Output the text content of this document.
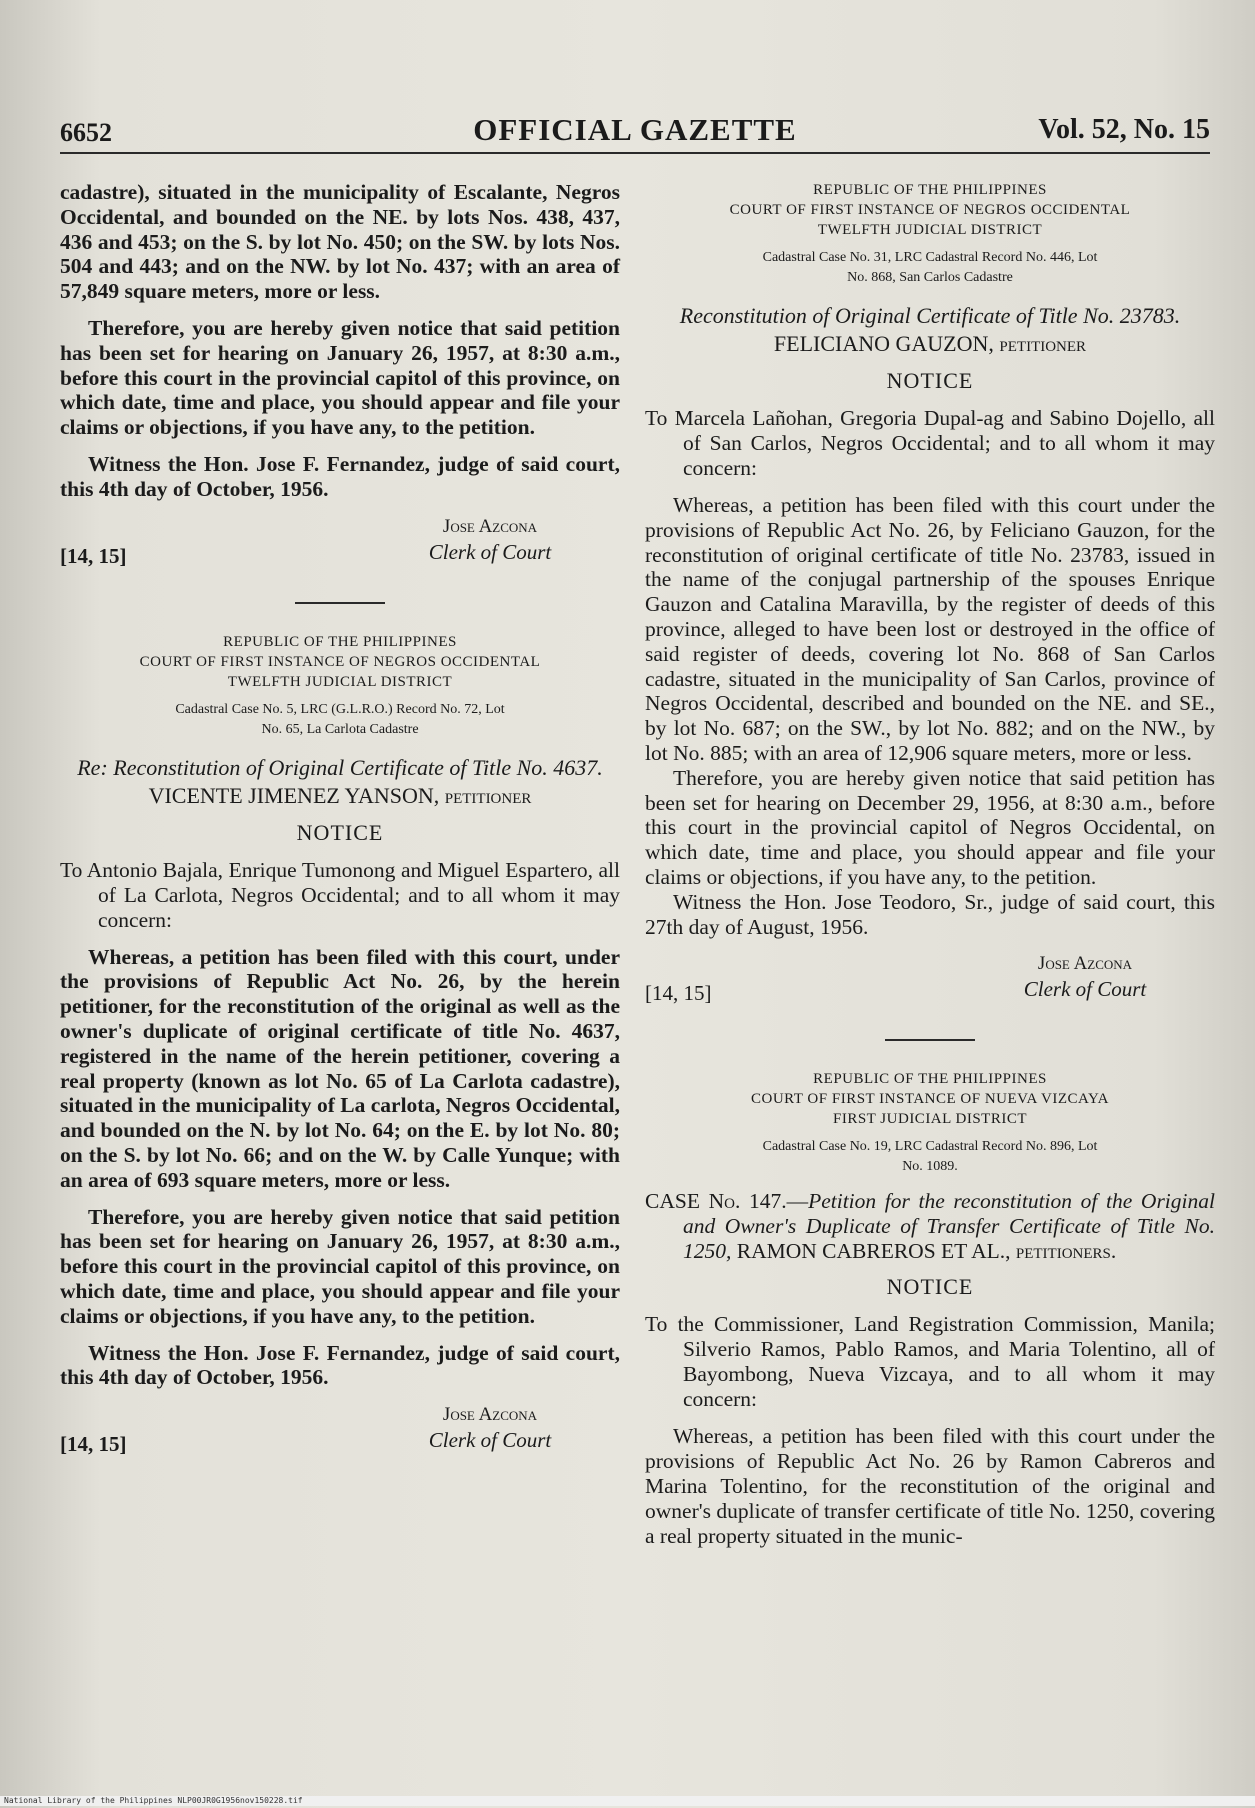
6652	OFFICIAL GAZETTE	Vol. 52, No. 15

cadastre), situated in the municipality of Escalante, Negros Occidental, and bounded on the NE. by lots Nos. 438, 437, 436 and 453; on the S. by lot No. 450; on the SW. by lots Nos. 504 and 443; and on the NW. by lot No. 437; with an area of 57,849 square meters, more or less.

Therefore, you are hereby given notice that said petition has been set for hearing on January 26, 1957, at 8:30 a.m., before this court in the provincial capitol of this province, on which date, time and place, you should appear and file your claims or objections, if you have any, to the petition.

Witness the Hon. Jose F. Fernandez, judge of said court, this 4th day of October, 1956.

[14, 15]
Jose Azcona
Clerk of Court
REPUBLIC OF THE PHILIPPINES
COURT OF FIRST INSTANCE OF NEGROS OCCIDENTAL
TWELFTH JUDICIAL DISTRICT
Cadastral Case No. 5, LRC (G.L.R.O.) Record No. 72, Lot
No. 65, La Carlota Cadastre
Re: Reconstitution of Original Certificate of Title No. 4637. VICENTE JIMENEZ YANSON, petitioner
NOTICE

To Antonio Bajala, Enrique Tumonong and Miguel Espartero, all of La Carlota, Negros Occidental; and to all whom it may concern:

Whereas, a petition has been filed with this court, under the provisions of Republic Act No. 26, by the herein petitioner, for the reconstitution of the original as well as the owner's duplicate of original certificate of title No. 4637, registered in the name of the herein petitioner, covering a real property (known as lot No. 65 of La Carlota cadastre), situated in the municipality of La carlota, Negros Occidental, and bounded on the N. by lot No. 64; on the E. by lot No. 80; on the S. by lot No. 66; and on the W. by Calle Yunque; with an area of 693 square meters, more or less.

Therefore, you are hereby given notice that said petition has been set for hearing on January 26, 1957, at 8:30 a.m., before this court in the provincial capitol of this province, on which date, time and place, you should appear and file your claims or objections, if you have any, to the petition.

Witness the Hon. Jose F. Fernandez, judge of said court, this 4th day of October, 1956.

[14, 15]
Jose Azcona
Clerk of Court
REPUBLIC OF THE PHILIPPINES
COURT OF FIRST INSTANCE OF NEGROS OCCIDENTAL
TWELFTH JUDICIAL DISTRICT
Cadastral Case No. 31, LRC Cadastral Record No. 446, Lot
No. 868, San Carlos Cadastre
Reconstitution of Original Certificate of Title No. 23783. FELICIANO GAUZON, petitioner
NOTICE

To Marcela Lañohan, Gregoria Dupal-ag and Sabino Dojello, all of San Carlos, Negros Occidental; and to all whom it may concern:

Whereas, a petition has been filed with this court under the provisions of Republic Act No. 26, by Feliciano Gauzon, for the reconstitution of original certificate of title No. 23783, issued in the name of the conjugal partnership of the spouses Enrique Gauzon and Catalina Maravilla, by the register of deeds of this province, alleged to have been lost or destroyed in the office of said register of deeds, covering lot No. 868 of San Carlos cadastre, situated in the municipality of San Carlos, province of Negros Occidental, described and bounded on the NE. and SE., by lot No. 687; on the SW., by lot No. 882; and on the NW., by lot No. 885; with an area of 12,906 square meters, more or less.

Therefore, you are hereby given notice that said petition has been set for hearing on December 29, 1956, at 8:30 a.m., before this court in the provincial capitol of Negros Occidental, on which date, time and place, you should appear and file your claims or objections, if you have any, to the petition.

Witness the Hon. Jose Teodoro, Sr., judge of said court, this 27th day of August, 1956.

[14, 15]
Jose Azcona
Clerk of Court
REPUBLIC OF THE PHILIPPINES
COURT OF FIRST INSTANCE OF NUEVA VIZCAYA
FIRST JUDICIAL DISTRICT
Cadastral Case No. 19, LRC Cadastral Record No. 896, Lot
No. 1089.

CASE No. 147.—Petition for the reconstitution of the Original and Owner's Duplicate of Transfer Certificate of Title No. 1250, RAMON CABREROS ET AL., petitioners.

NOTICE

To the Commissioner, Land Registration Commission, Manila; Silverio Ramos, Pablo Ramos, and Maria Tolentino, all of Bayombong, Nueva Vizcaya, and to all whom it may concern:

Whereas, a petition has been filed with this court under the provisions of Republic Act No. 26 by Ramon Cabreros and Marina Tolentino, for the reconstitution of the original and owner's duplicate of transfer certificate of title No. 1250, covering a real property situated in the munic-

National Library of the Philippines NLP00JR0G1956nov150228.tif
